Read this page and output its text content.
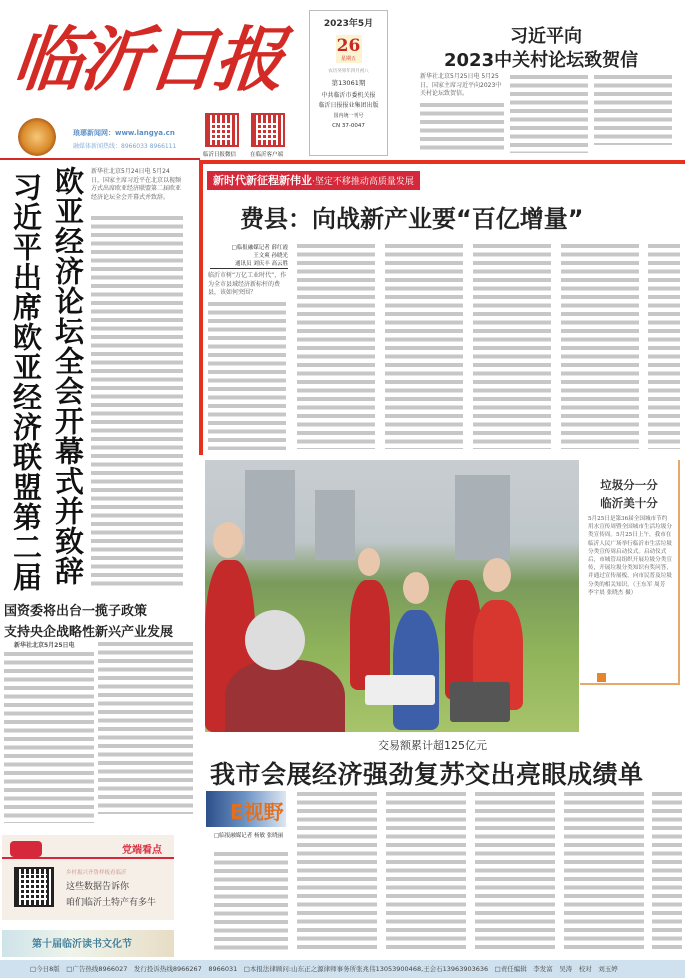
临沂日报
琅琊新闻网：www.langya.cn
融媒体新闻热线：8966033 8966111
临沂日报微信	在临沂客户端
2023年5月
26
星期五
农历癸卯年四月初八
第13061期
中共临沂市委机关报
临沂日报报业集团出版
国内统一刊号
CN 37-0047
习近平向
2023中关村论坛致贺信
新华社北京5月25日电 5月25日，国家主席习近平向2023中关村论坛致贺信。
习近平出席欧亚经济联盟第二届 欧亚经济论坛全会开幕式并致辞 新华社北京5月24日电 5月24日，国家主席习近平在北京以视频方式出席欧亚经济联盟第二届欧亚经济论坛全会开幕式并致辞。
新时代新征程新伟业·坚定不移推动高质量发展
费县：向战新产业要“百亿增量”
□临报融媒记者 薛红霞
王文爽 孙晓光
通讯员 刘庆丰 高云胜
临沂市树“万亿工业时代”，作为全市县域经济新标杆的费县，该如何突围？
垃圾分一分
临沂美十分
5月25日是第36届全国城市节约用水宣传周暨全国城市生活垃圾分类宣传周。5月25日上午，我市在临沂人民广场举行临沂市生活垃圾分类宣传周启动仪式。启动仪式后，市城管局组织开展垃圾分类宣传，开展垃圾分类知识有奖问答，并通过宣传展板，向市民普及垃圾分类的相关知识。（王东军 周芳 李宇晨 张晓杰 摄）
国资委将出台一揽子政策
支持央企战略性新兴产业发展
新华社北京5月25日电
交易额累计超125亿元
我市会展经济强劲复苏交出亮眼成绩单
E视野
□临报融媒记者 杨敏 张晓丽
党端看点
乡村振兴齐鲁样板看临沂
这些数据告诉你
咱们临沂土特产有多牛
第十届临沂读书文化节
□今日8版　□广告热线8966027　发行投诉热线8966267　8966031　□本报法律顾问:山东正之源律师事务所张兆伟13053900468,王会石13963903636　□责任编辑　李发富　吴涛　校对　刘玉婷
